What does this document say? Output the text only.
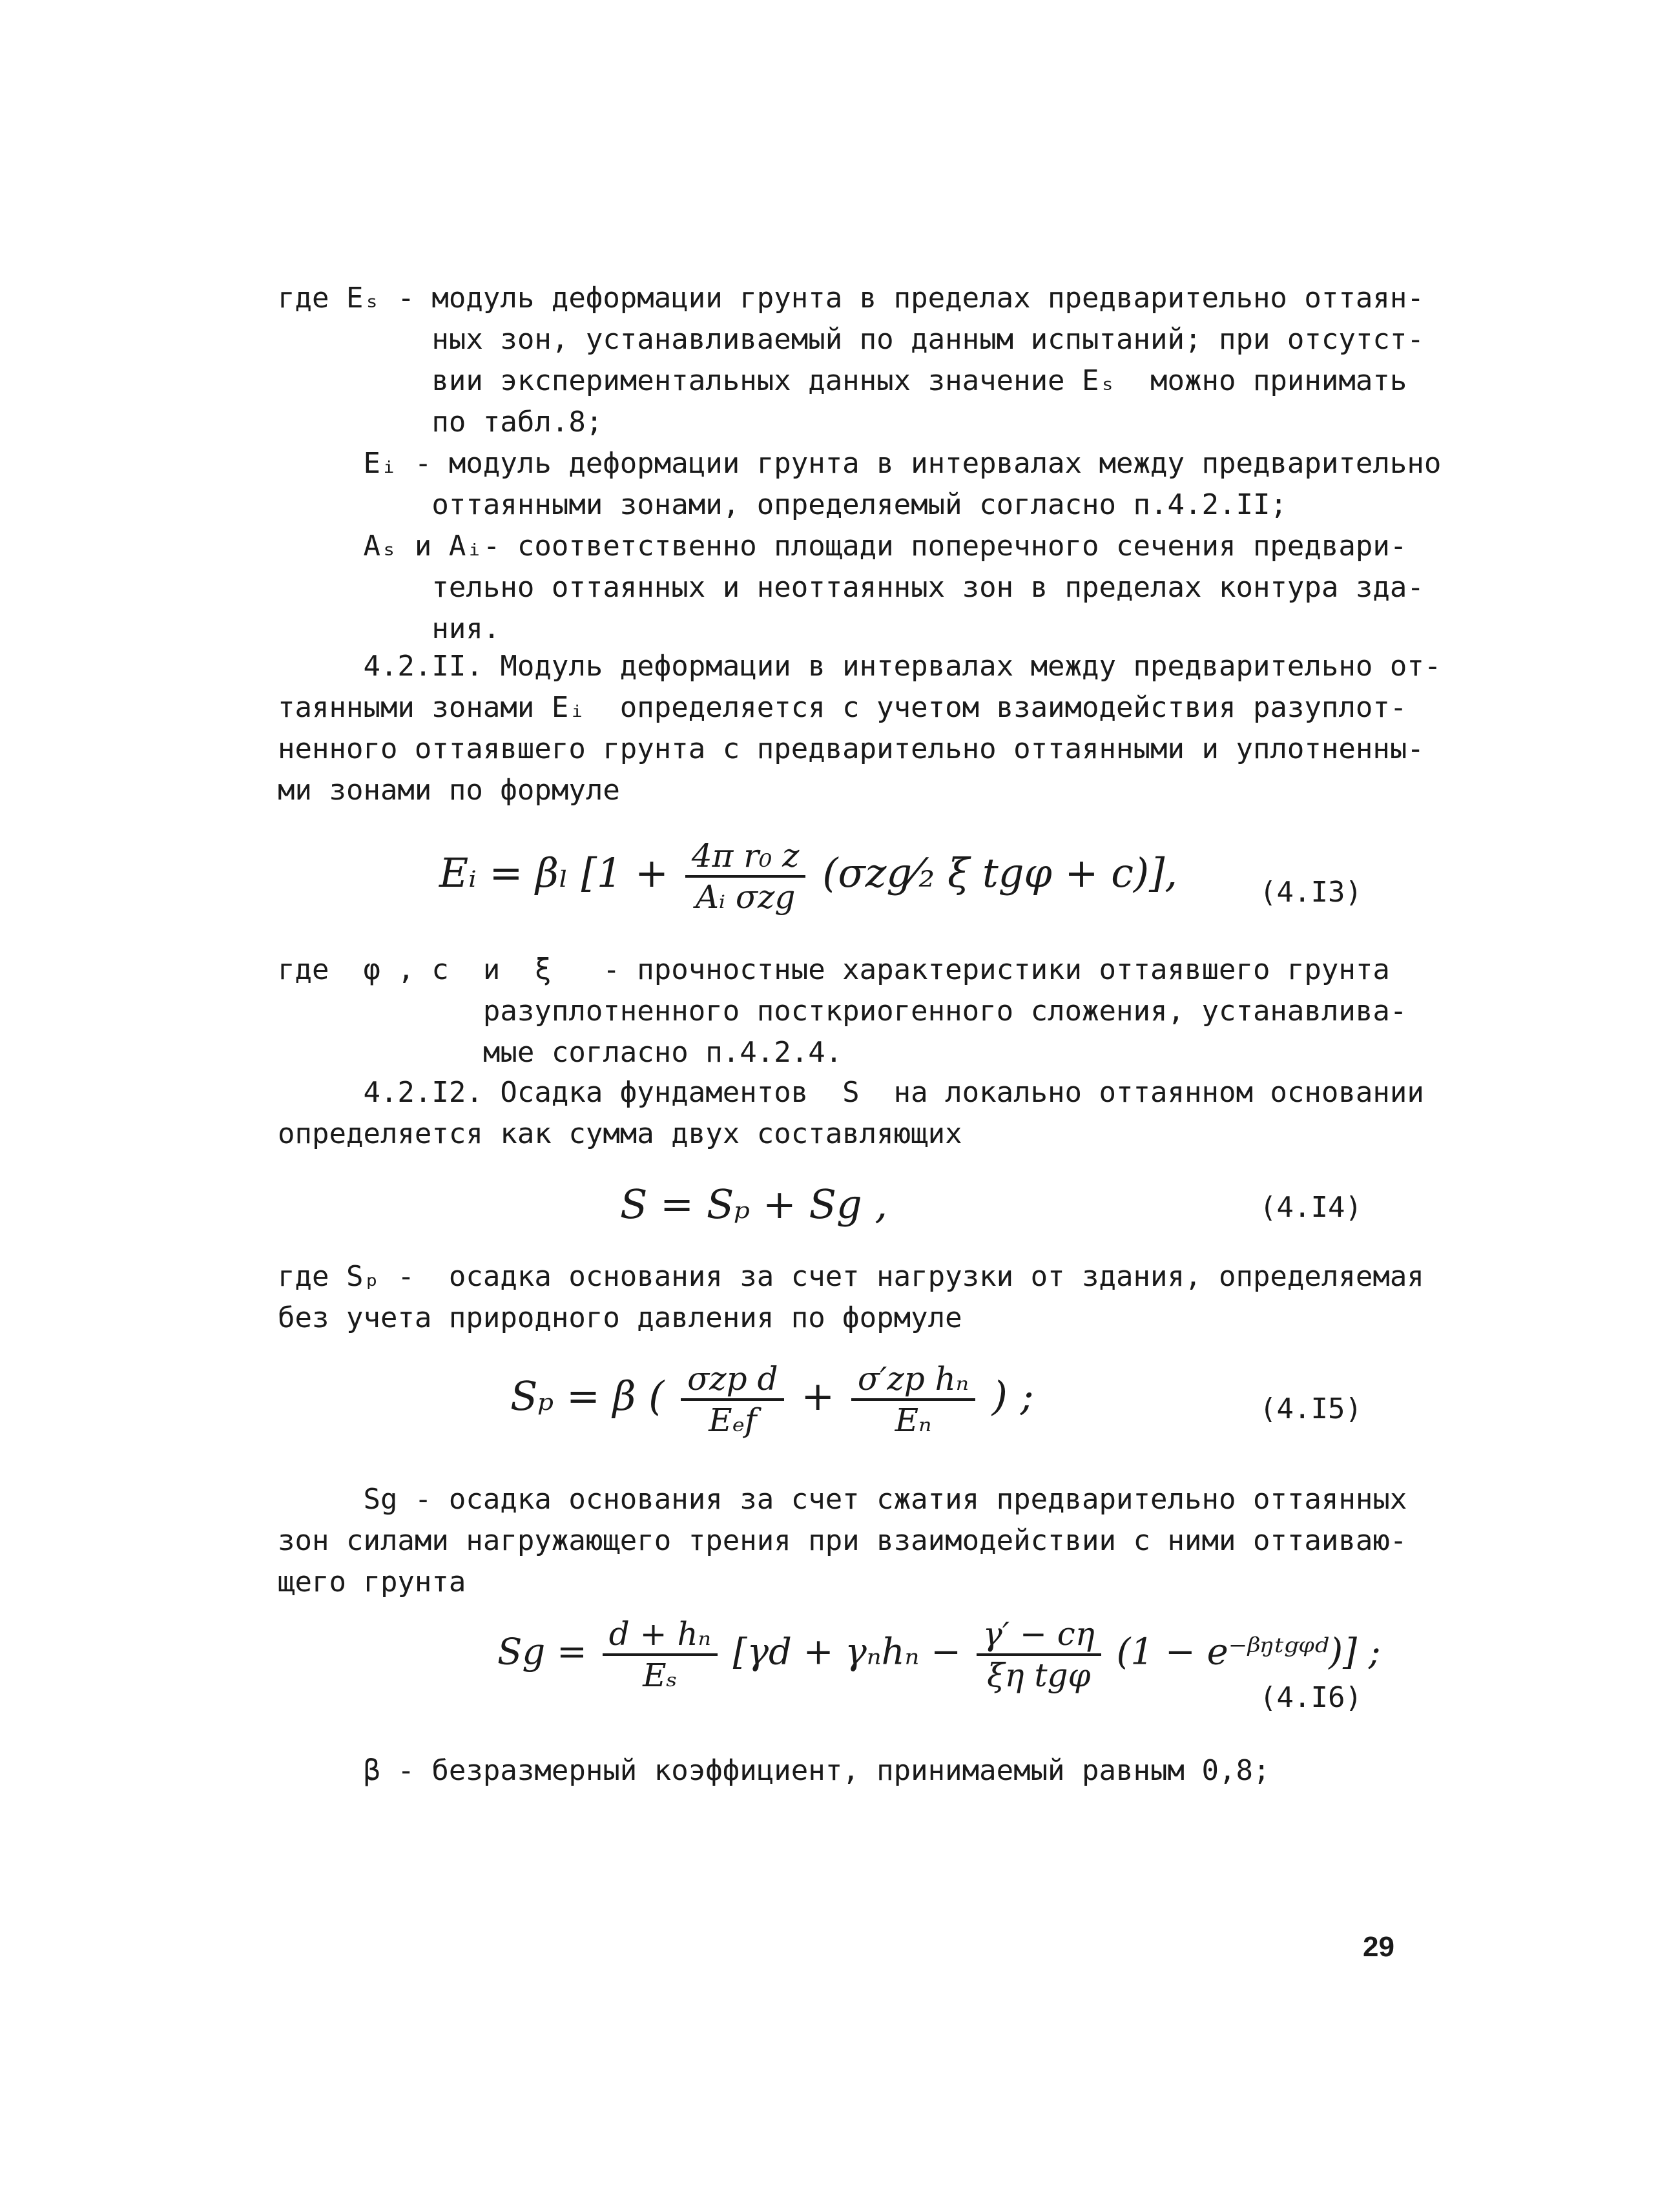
где Eₛ - модуль деформации грунта в пределах предварительно оттаян-
ных зон, устанавливаемый по данным испытаний; при отсутст-
вии экспериментальных данных значение Eₛ  можно принимать
по табл.8;
Eᵢ - модуль деформации грунта в интервалах между предварительно
оттаянными зонами, определяемый согласно п.4.2.II;
Aₛ и Aᵢ- соответственно площади поперечного сечения предвари-
тельно оттаянных и неоттаянных зон в пределах контура зда-
ния.
4.2.II. Модуль деформации в интервалах между предварительно от-
таянными зонами Eᵢ  определяется с учетом взаимодействия разуплот-
ненного оттаявшего грунта с предварительно оттаянными и уплотненны-
ми зонами по формуле
Eᵢ = βₗ [$1 + \frac{\text{4π r₀ z}}{\text{Aᵢ σzg}}$ (σzg⁄₂ ξ tgφ + c)],	(4.I3)
где  φ , c  и  ξ   - прочностные характеристики оттаявшего грунта
разуплотненного посткриогенного сложения, устанавлива-
мые согласно п.4.2.4.
4.2.I2. Осадка фундаментов  S  на локально оттаянном основании
определяется как сумма двух составляющих
S = Sₚ + Sg ,	(4.I4)
где Sₚ -  осадка основания за счет нагрузки от здания, определяемая
без учета природного давления по формуле
Sₚ = β ( $\frac{\text{σzp d}}{\text{Eₑf}} + \frac{\text{σ′zp hₙ}}{\text{Eₙ}}$ ) ;	(4.I5)
Sg - осадка основания за счет сжатия предварительно оттаянных
зон силами нагружающего трения при взаимодействии с ними оттаиваю-
щего грунта
$Sg = \frac{\text{d + hₙ}}{\text{Eₛ}} [\gamma d + \gamma_nh_n - \frac{\gamma' - c\eta}{\text{ξη tgφ}} (1$ − e⁻ᵝᵑᵗᵍᵠᵈ)] ;
(4.I6)
β - безразмерный коэффициент, принимаемый равным 0,8;
29
